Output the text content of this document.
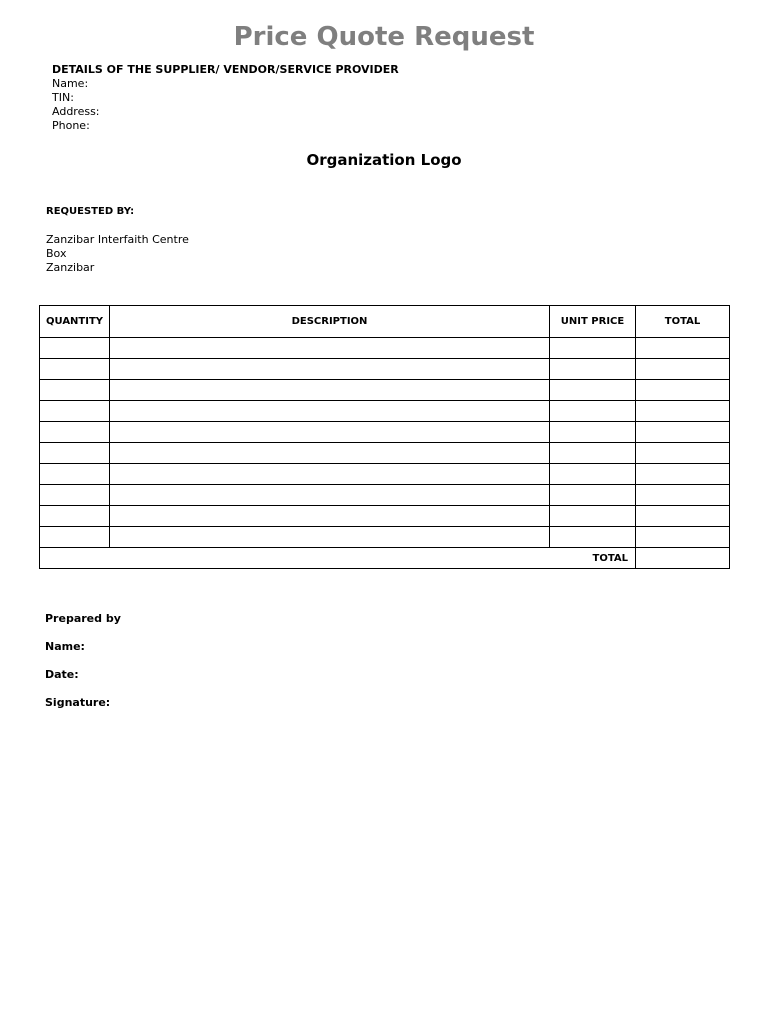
Price Quote Request
DETAILS OF THE SUPPLIER/ VENDOR/SERVICE PROVIDER
Name:
TIN:
Address:
Phone:
Organization Logo
REQUESTED BY:
Zanzibar Interfaith Centre
Box
Zanzibar
QUANTITY	DESCRIPTION	UNIT PRICE	TOTAL

TOTAL			
Prepared by
Name:
Date:
Signature:
